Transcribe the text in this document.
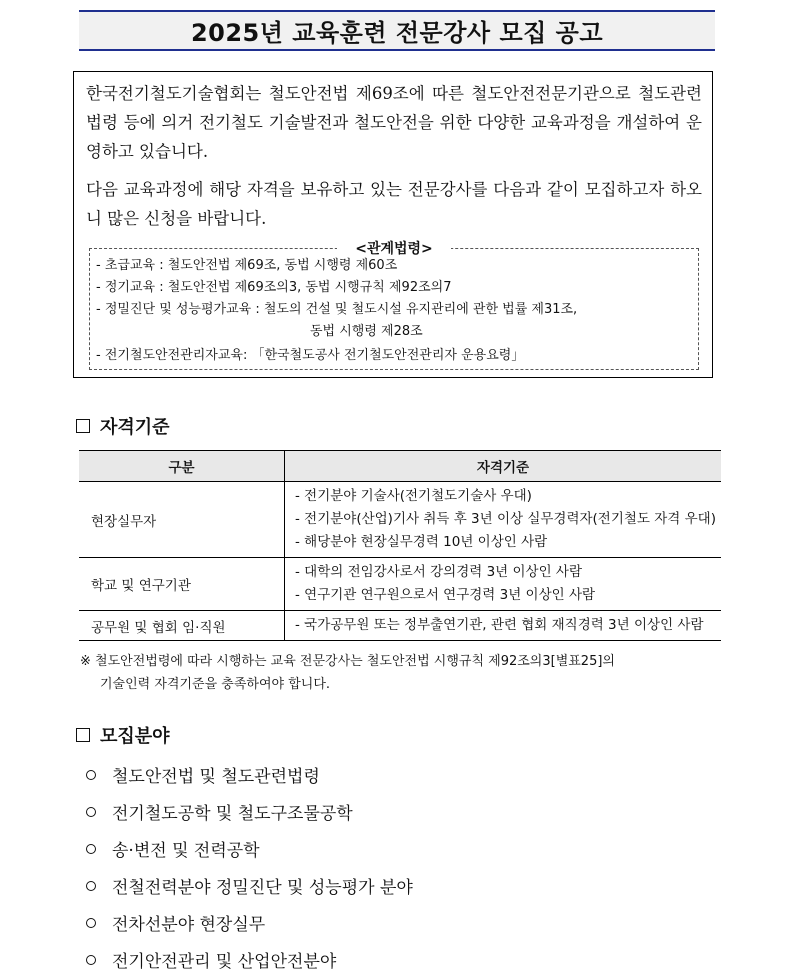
2025년 교육훈련 전문강사 모집 공고

한국전기철도기술협회는 철도안전법 제69조에 따른 철도안전전문기관으로 철도관련법령 등에 의거 전기철도 기술발전과 철도안전을 위한 다양한 교육과정을 개설하여 운영하고 있습니다.

다음 교육과정에 해당 자격을 보유하고 있는 전문강사를 다음과 같이 모집하고자 하오니 많은 신청을 바랍니다.

<관계법령>
- 초급교육 : 철도안전법 제69조, 동법 시행령 제60조
- 정기교육 : 철도안전법 제69조의3, 동법 시행규칙 제92조의7
- 정밀진단 및 성능평가교육 : 철도의 건설 및 철도시설 유지관리에 관한 법률 제31조,
동법 시행령 제28조
- 전기철도안전관리자교육: 「한국철도공사 전기철도안전관리자 운용요령」
자격기준
구분	자격기준
현장실무자	- 전기분야 기술사(전기철도기술사 우대)
- 전기분야(산업)기사 취득 후 3년 이상 실무경력자(전기철도 자격 우대)
- 해당분야 현장실무경력 10년 이상인 사람

학교 및 연구기관	- 대학의 전임강사로서 강의경력 3년 이상인 사람
- 연구기관 연구원으로서 연구경력 3년 이상인 사람

공무원 및 협회 임·직원	- 국가공무원 또는 정부출연기관, 관련 협회 재직경력 3년 이상인 사람
※ 철도안전법령에 따라 시행하는 교육 전문강사는 철도안전법 시행규칙 제92조의3[별표25]의
기술인력 자격기준을 충족하여야 합니다.
모집분야
철도안전법 및 철도관련법령
전기철도공학 및 철도구조물공학
송·변전 및 전력공학
전철전력분야 정밀진단 및 성능평가 분야
전차선분야 현장실무
전기안전관리 및 산업안전분야
